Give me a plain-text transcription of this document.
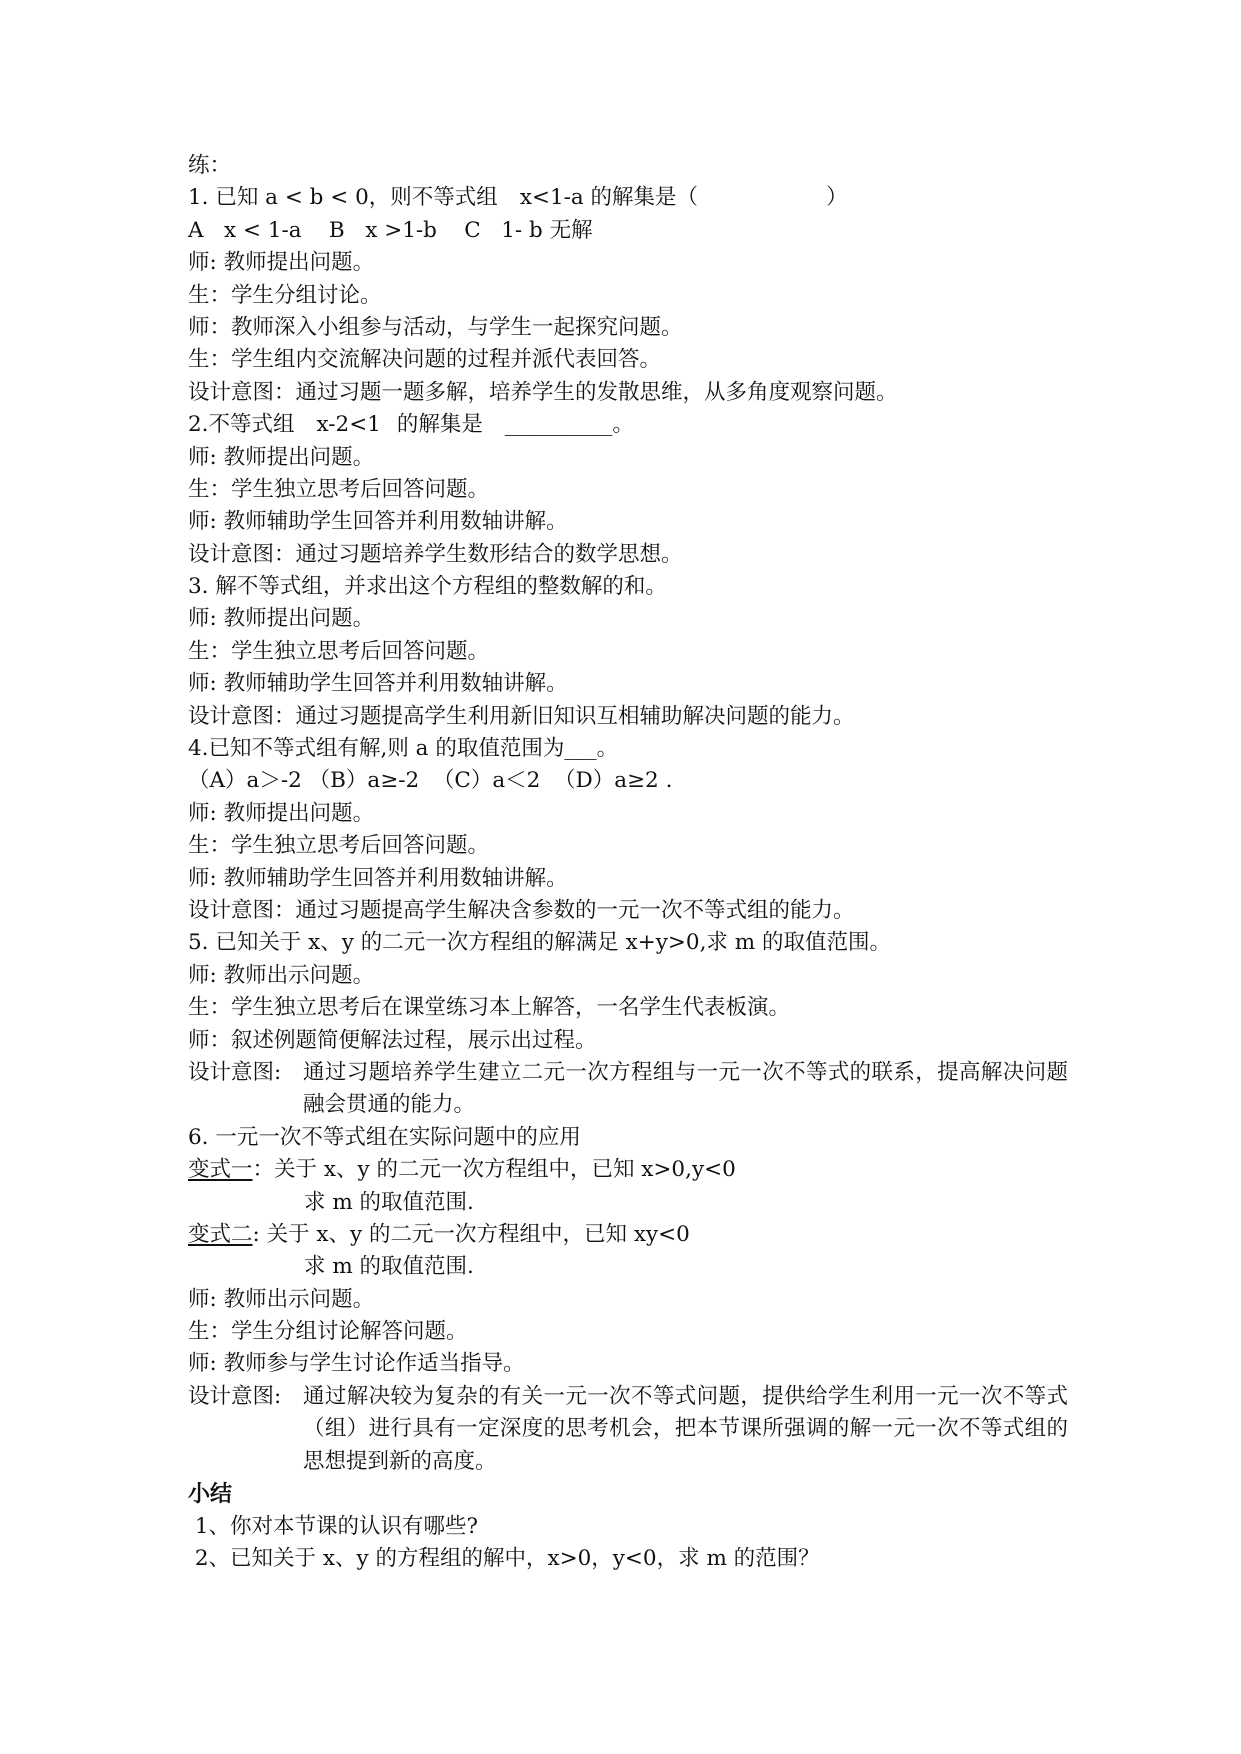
练：
1. 已知 a < b < 0，则不等式组 x<1-a 的解集是（	）
A   x < 1-a    B   x >1-b    C   1- b 无解
师: 教师提出问题。
生：学生分组讨论。
师：教师深入小组参与活动，与学生一起探究问题。
生：学生组内交流解决问题的过程并派代表回答。
设计意图：通过习题一题多解，培养学生的发散思维，从多角度观察问题。
2.不等式组 x-2<1 的解集是 __________。
师: 教师提出问题。
生：学生独立思考后回答问题。
师: 教师辅助学生回答并利用数轴讲解。
设计意图：通过习题培养学生数形结合的数学思想。
3. 解不等式组，并求出这个方程组的整数解的和。
师: 教师提出问题。
生：学生独立思考后回答问题。
师: 教师辅助学生回答并利用数轴讲解。
设计意图：通过习题提高学生利用新旧知识互相辅助解决问题的能力。
4.已知不等式组有解,则 a 的取值范围为___。
（A）a＞-2 （B）a≥-2  （C）a＜2  （D）a≥2 .
师: 教师提出问题。
生：学生独立思考后回答问题。
师: 教师辅助学生回答并利用数轴讲解。
设计意图：通过习题提高学生解决含参数的一元一次不等式组的能力。
5. 已知关于 x、y 的二元一次方程组的解满足 x+y>0,求 m 的取值范围。
师: 教师出示问题。
生：学生独立思考后在课堂练习本上解答，一名学生代表板演。
师：叙述例题简便解法过程，展示出过程。
设计意图: 通过习题培养学生建立二元一次方程组与一元一次不等式的联系，提高解决问题融会贯通的能力。
6. 一元一次不等式组在实际问题中的应用
变式一：关于 x、y 的二元一次方程组中，已知 x>0,y<0
求 m 的取值范围.
变式二: 关于 x、y 的二元一次方程组中，已知 xy<0
求 m 的取值范围.
师: 教师出示问题。
生：学生分组讨论解答问题。
师: 教师参与学生讨论作适当指导。
设计意图: 通过解决较为复杂的有关一元一次不等式问题，提供给学生利用一元一次不等式（组）进行具有一定深度的思考机会，把本节课所强调的解一元一次不等式组的思想提到新的高度。
小结
1、你对本节课的认识有哪些?
2、已知关于 x、y 的方程组的解中，x>0，y<0，求 m 的范围？
